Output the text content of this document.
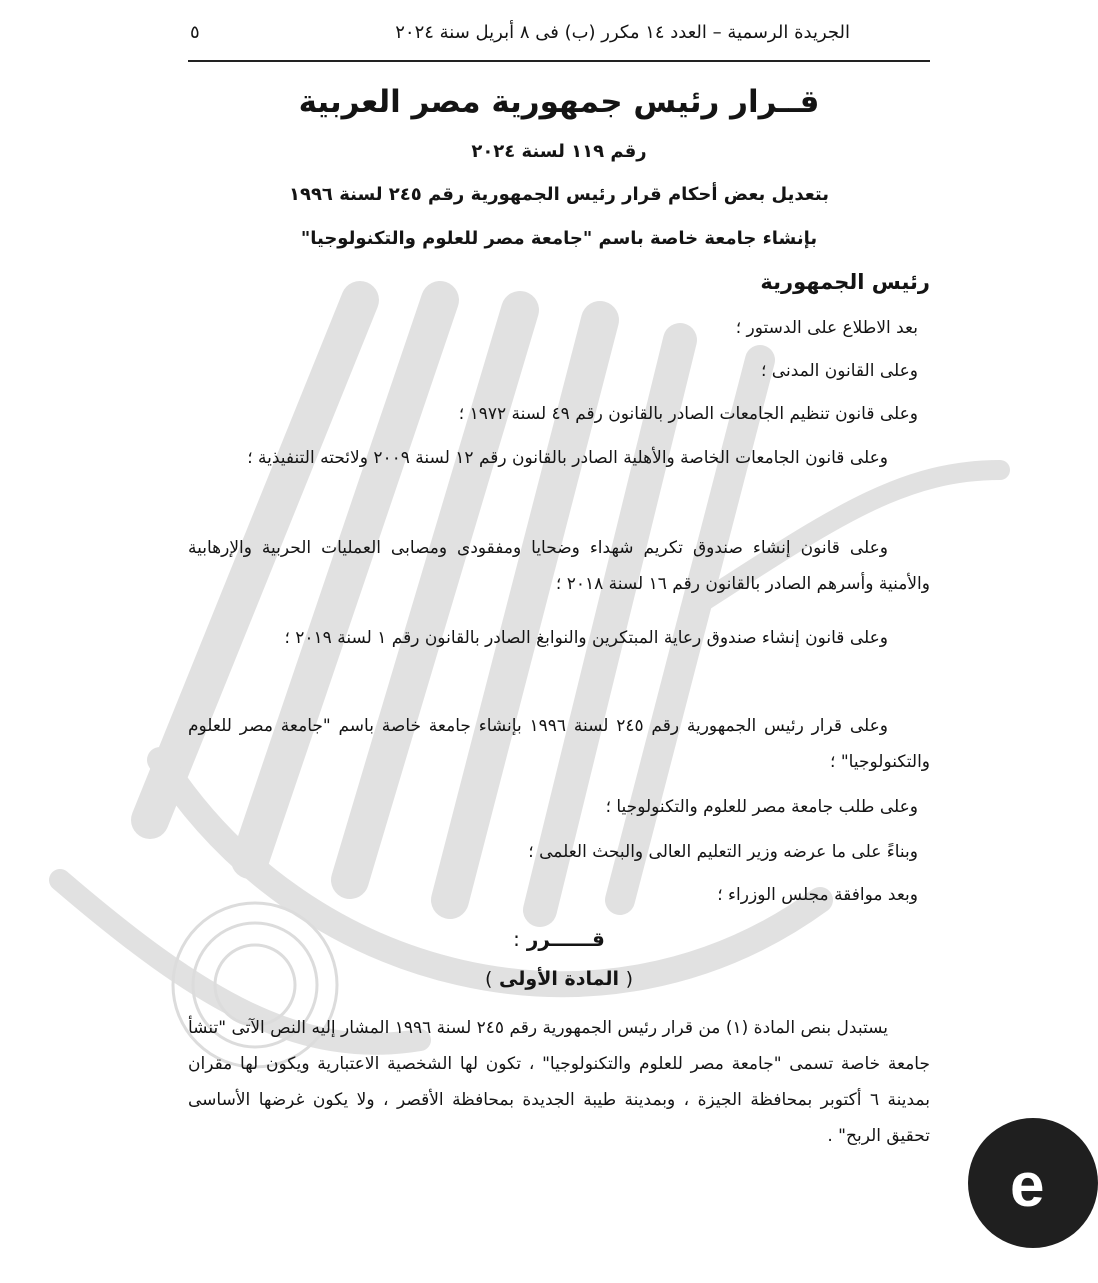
الجريدة الرسمية – العدد ١٤ مكرر (ب) فى ٨ أبريل سنة ٢٠٢٤
٥
قــرار رئيس جمهورية مصر العربية
رقم ١١٩ لسنة ٢٠٢٤
بتعديل بعض أحكام قرار رئيس الجمهورية رقم ٢٤٥ لسنة ١٩٩٦
بإنشاء جامعة خاصة باسم "جامعة مصر للعلوم والتكنولوجيا"
رئيس الجمهورية
بعد الاطلاع على الدستور ؛
وعلى القانون المدنى ؛
وعلى قانون تنظيم الجامعات الصادر بالقانون رقم ٤٩ لسنة ١٩٧٢ ؛

وعلى قانون الجامعات الخاصة والأهلية الصادر بالقانون رقم ١٢ لسنة ٢٠٠٩ ولائحته التنفيذية ؛

وعلى قانون إنشاء صندوق تكريم شهداء وضحايا ومفقودى ومصابى العمليات الحربية والإرهابية والأمنية وأسرهم الصادر بالقانون رقم ١٦ لسنة ٢٠١٨ ؛

وعلى قانون إنشاء صندوق رعاية المبتكرين والنوابغ الصادر بالقانون رقم ١ لسنة ٢٠١٩ ؛

وعلى قرار رئيس الجمهورية رقم ٢٤٥ لسنة ١٩٩٦ بإنشاء جامعة خاصة باسم "جامعة مصر للعلوم والتكنولوجيا" ؛

وعلى طلب جامعة مصر للعلوم والتكنولوجيا ؛
وبناءً على ما عرضه وزير التعليم العالى والبحث العلمى ؛
وبعد موافقة مجلس الوزراء ؛
قــــــرر :
( المادة الأولى )

يستبدل بنص المادة (١) من قرار رئيس الجمهورية رقم ٢٤٥ لسنة ١٩٩٦ المشار إليه النص الآتى "تنشأ جامعة خاصة تسمى "جامعة مصر للعلوم والتكنولوجيا" ، تكون لها الشخصية الاعتبارية ويكون لها مقران بمدينة ٦ أكتوبر بمحافظة الجيزة ، وبمدينة طيبة الجديدة بمحافظة الأقصر ، ولا يكون غرضها الأساسى تحقيق الربح" .

e
